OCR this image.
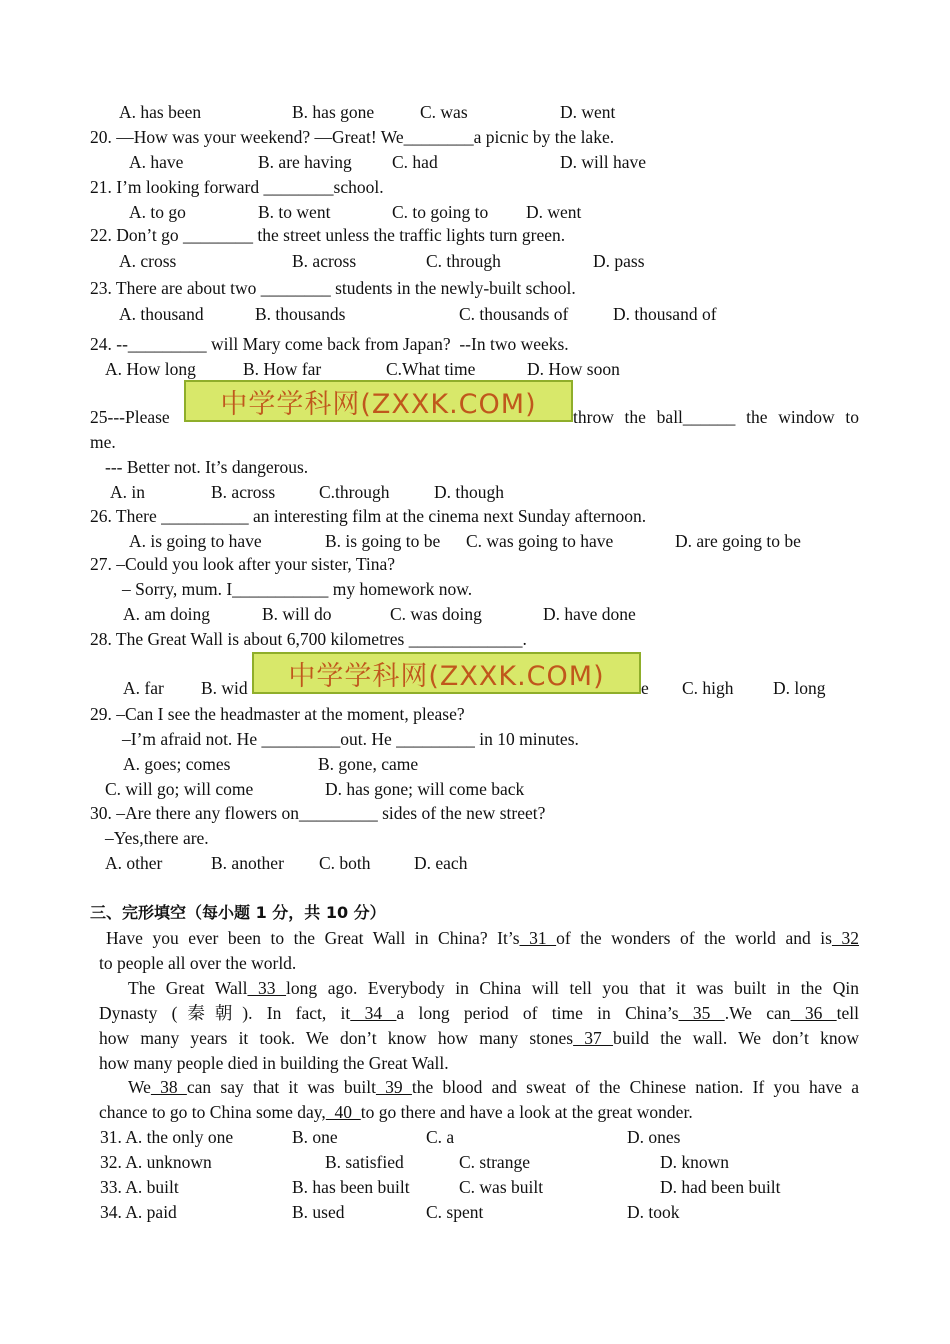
A. has been	B. has gone	C. was	D. went
20. —How was your weekend? —Great! We________a picnic by the lake.
A. have	B. are having C. had	D. will have
21. I’m looking forward ________school.
A. to go	B. to went	C. to going to D. went
22. Don’t go ________ the street unless the traffic lights turn green.
A. cross	B. across	C. through	D. pass
23. There are about two ________ students in the newly-built school.
A. thousand	B. thousands	C. thousands of	D. thousand of
24. --_________ will Mary come back from Japan?  --In two weeks.
A. How long	B. How far	C.What time	D. How soon
中学学科网(ZXXK.COM)
25---Please	throw the ball______ the window to
me.
--- Better not. It’s dangerous.
A. in	B. across	C.through	D. though
26. There __________ an interesting film at the cinema next Sunday afternoon.
A. is going to have	B. is going to be C. was going to have	D. are going to be
27. –Could you look after your sister, Tina?
– Sorry, mum. I___________ my homework now.
A. am doing	B. will do	C. was doing	D. have done
28. The Great Wall is about 6,700 kilometres _____________.
A. far B. wid	e C. high D. long
中学学科网(ZXXK.COM)
29. –Can I see the headmaster at the moment, please?
–I’m afraid not. He _________out. He _________ in 10 minutes.
A. goes; comes	B. gone, came
C. will go; will come	D. has gone; will come back
30. –Are there any flowers on_________ sides of the new street?
–Yes,there are.
A. other	B. another C. both D. each
三、完形填空（每小题 1 分，共 10 分）
Have you ever been to the Great Wall in China? It’s 31 of the wonders of the world and is 32
to people all over the world.
The Great Wall 33 long ago. Everybody in China will tell you that it was built in the Qin
Dynasty (秦朝). In fact, it 34 a long period of time in China’s 35 .We can 36 tell
how many years it took. We don’t know how many stones 37 build the wall. We don’t know
how many people died in building the Great Wall.
We 38 can say that it was built 39 the blood and sweat of the Chinese nation. If you have a
chance to go to China some day,  40  to go there and have a look at the great wonder.
31. A. the only one	B. one	C. a	D. ones
32. A. unknown	B. satisfied	C. strange	D. known
33. A. built	B. has been built	C. was built	D. had been built
34. A. paid	B. used	C. spent	D. took
